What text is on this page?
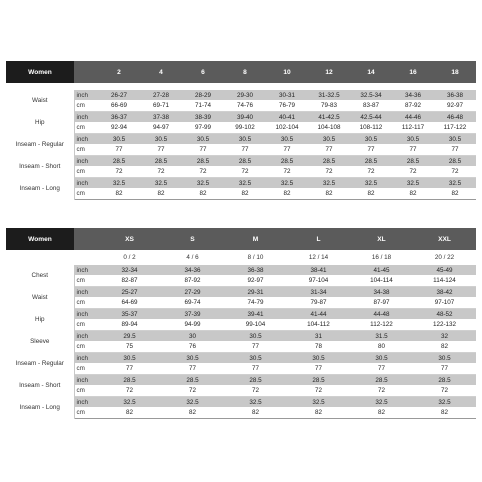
Women		2	4	6	8	10	12	14	16	18

Waist	inch	26-27	27-28	28-29	29-30	30-31	31-32.5	32.5-34	34-36	36-38
	cm	66-69	69-71	71-74	74-76	76-79	79-83	83-87	87-92	92-97
Hip	inch	36-37	37-38	38-39	39-40	40-41	41-42.5	42.5-44	44-46	46-48
	cm	92-94	94-97	97-99	99-102	102-104	104-108	108-112	112-117	117-122
Inseam - Regular	inch	30.5	30.5	30.5	30.5	30.5	30.5	30.5	30.5	30.5
	cm	77	77	77	77	77	77	77	77	77
Inseam - Short	inch	28.5	28.5	28.5	28.5	28.5	28.5	28.5	28.5	28.5
	cm	72	72	72	72	72	72	72	72	72
Inseam - Long	inch	32.5	32.5	32.5	32.5	32.5	32.5	32.5	32.5	32.5
	cm	82	82	82	82	82	82	82	82	82
Women		XS	S	M	L	XL	XXL
		0 / 2	4 / 6	8 / 10	12 / 14	16 / 18	20 / 22
Chest	inch	32-34	34-36	36-38	38-41	41-45	45-49
	cm	82-87	87-92	92-97	97-104	104-114	114-124
Waist	inch	25-27	27-29	29-31	31-34	34-38	38-42
	cm	64-69	69-74	74-79	79-87	87-97	97-107
Hip	inch	35-37	37-39	39-41	41-44	44-48	48-52
	cm	89-94	94-99	99-104	104-112	112-122	122-132
Sleeve	inch	29.5	30	30.5	31	31.5	32
	cm	75	76	77	78	80	82
Inseam - Regular	inch	30.5	30.5	30.5	30.5	30.5	30.5
	cm	77	77	77	77	77	77
Inseam - Short	inch	28.5	28.5	28.5	28.5	28.5	28.5
	cm	72	72	72	72	72	72
Inseam - Long	inch	32.5	32.5	32.5	32.5	32.5	32.5
	cm	82	82	82	82	82	82
